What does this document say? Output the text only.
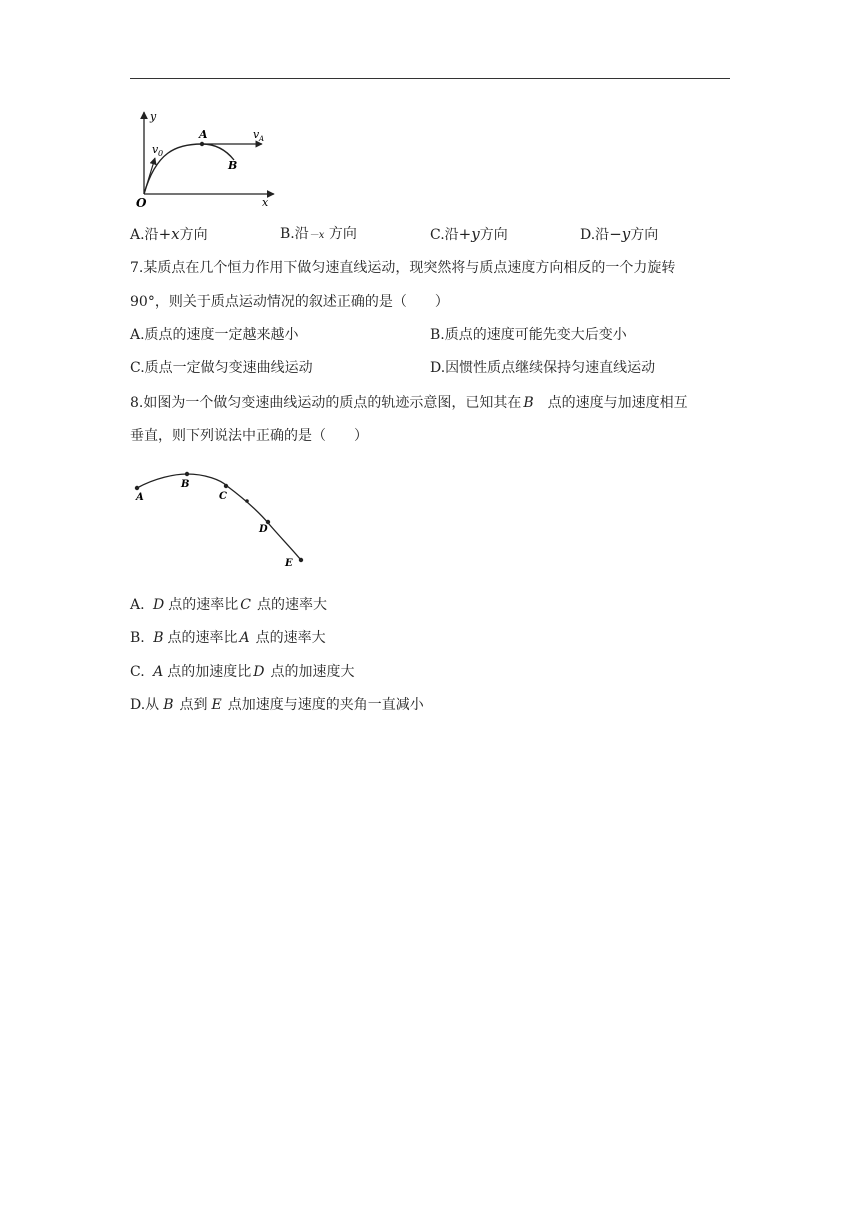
y
x
O
v 0
A	v A
B
A.沿+x方向	B.沿－x 方向	C.沿+y方向	D.沿−y方向
7.某质点在几个恒力作用下做匀速直线运动，现突然将与质点速度方向相反的一个力旋转
90°，则关于质点运动情况的叙述正确的是（　　）
A.质点的速度一定越来越小	B.质点的速度可能先变大后变小
C.质点一定做匀变速曲线运动	D.因惯性质点继续保持匀速直线运动
8.如图为一个做匀变速曲线运动的质点的轨迹示意图，已知其在 B 点的速度与加速度相互
垂直，则下列说法中正确的是（　　）
A
B
C
D
E
A. D 点的速率比 C 点的速率大
B. B 点的速率比 A 点的速率大
C. A 点的加速度比 D 点的加速度大
D.从 B 点到 E 点加速度与速度的夹角一直减小
